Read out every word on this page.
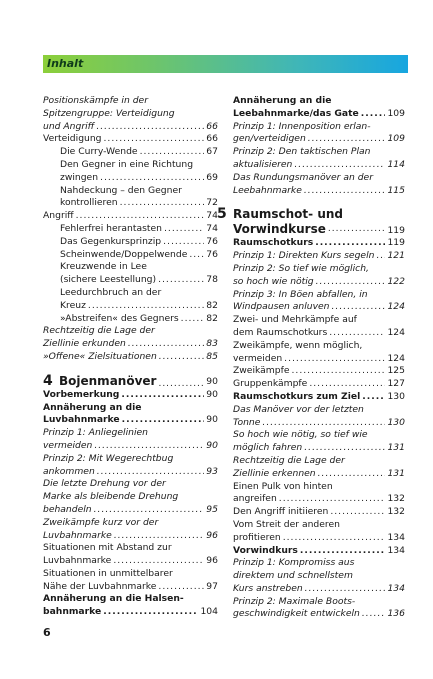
Inhalt
Positionskämpfe in der
Spitzengruppe: Verteidigung
und Angriff .....	66
Verteidigung .....	66
Die Curry-Wende .....	67
Den Gegner in eine Richtung
zwingen .....	69
Nahdeckung – den Gegner
kontrollieren .....	72
Angriff .....	74
Fehlerfrei herantasten .....	74
Das Gegenkursprinzip .....	76
Scheinwende/Doppelwende ..... 76
Kreuzwende in Lee
(sichere Leestellung) .....	78
Leedurchbruch an der
Kreuz .....	82
»Abstreifen« des Gegners .....	82
Rechtzeitig die Lage der
Ziellinie erkunden .....	83
»Offene« Zielsituationen .....	85
4 Bojenmanöver .....	90
Vorbemerkung .....	90
Annäherung an die
Luvbahnmarke .....	90
Prinzip 1: Anliegelinien
vermeiden .....	90
Prinzip 2: Mit Wegerechtbug
ankommen .....	93
Die letzte Drehung vor der
Marke als bleibende Drehung
behandeln .....	95
Zweikämpfe kurz vor der
Luvbahnmarke .....	96
Situationen mit Abstand zur
Luvbahnmarke .....	96
Situationen in unmittelbarer
Nähe der Luvbahnmarke .....	97
Annäherung an die Halsen-
bahnmarke .....	104
Annäherung an die
Leebahnmarke/das Gate .....	109
Prinzip 1: Innenposition erlan-
gen/verteidigen .....	109
Prinzip 2: Den taktischen Plan
aktualisieren .....	114
Das Rundungsmanöver an der
Leebahnmarke .....	115
5 Raumschot- und
Vorwindkurse .....	119
Raumschotkurs .....	119
Prinzip 1: Direkten Kurs segeln ..... 121
Prinzip 2: So tief wie möglich,
so hoch wie nötig .....	122
Prinzip 3: In Böen abfallen, in
Windpausen anluven .....	124
Zwei- und Mehrkämpfe auf
dem Raumschotkurs .....	124
Zweikämpfe, wenn möglich,
vermeiden .....	124
Zweikämpfe .....	125
Gruppenkämpfe .....	127
Raumschotkurs zum Ziel .....	130
Das Manöver vor der letzten
Tonne .....	130
So hoch wie nötig, so tief wie
möglich fahren .....	131
Rechtzeitig die Lage der
Ziellinie erkennen .....	131
Einen Pulk von hinten
angreifen .....	132
Den Angriff initiieren .....	132
Vom Streit der anderen
profitieren .....	134
Vorwindkurs .....	134
Prinzip 1: Kompromiss aus
direktem und schnellstem
Kurs anstreben .....	134
Prinzip 2: Maximale Boots-
geschwindigkeit entwickeln .....	136
6
